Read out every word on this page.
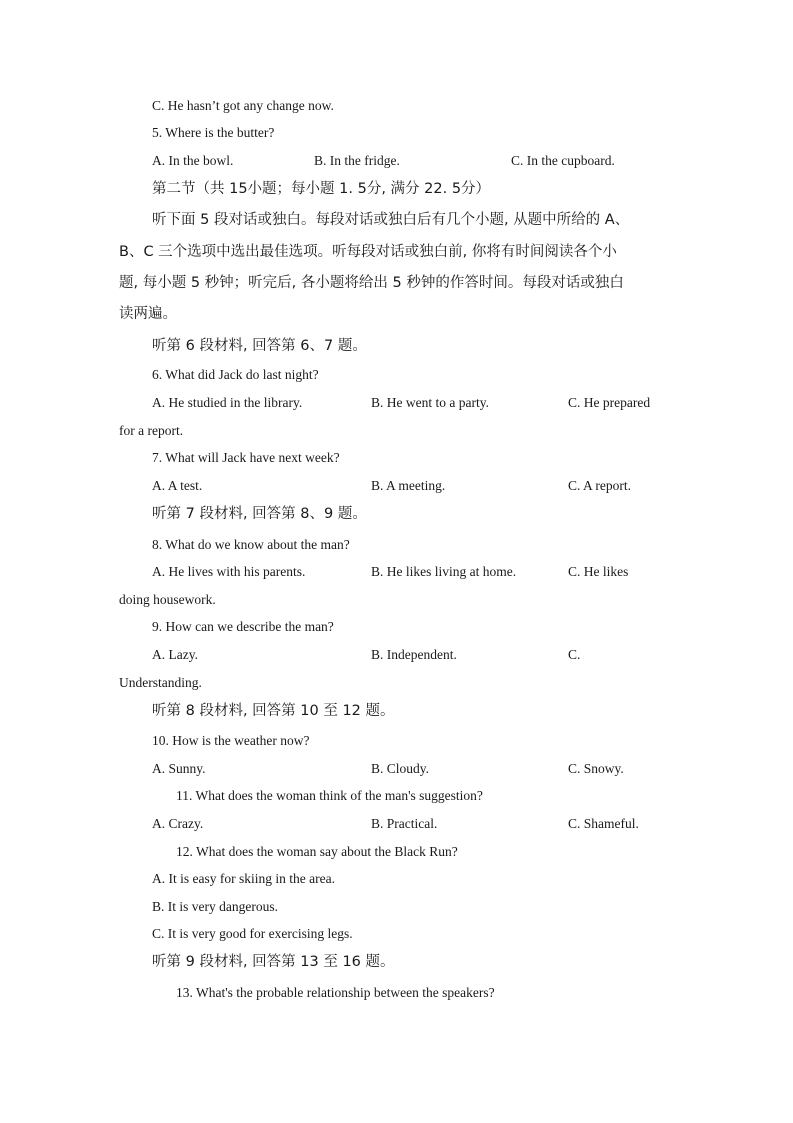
C. He hasn’t got any change now.
5. Where is the butter?
A. In the bowl.	B. In the fridge.	C. In the cupboard.
第二节（共 15小题；每小题 1. 5分, 满分 22. 5分）
听下面 5 段对话或独白。每段对话或独白后有几个小题, 从题中所给的 A、
B、C 三个选项中选出最佳选项。听每段对话或独白前, 你将有时间阅读各个小
题, 每小题 5 秒钟；听完后, 各小题将给出 5 秒钟的作答时间。每段对话或独白
读两遍。
听第 6 段材料, 回答第 6、7 题。
6. What did Jack do last night?
A. He studied in the library.	B. He went to a party.	C. He prepared
for a report.
7. What will Jack have next week?
A. A test.	B. A meeting.	C. A report.
听第 7 段材料, 回答第 8、9 题。
8. What do we know about the man?
A. He lives with his parents.	B. He likes living at home.	C. He likes
doing housework.
9. How can we describe the man?
A. Lazy.	B. Independent.	C.
Understanding.
听第 8 段材料, 回答第 10 至 12 题。
10. How is the weather now?
A. Sunny.	B. Cloudy.	C. Snowy.
11. What does the woman think of the man's suggestion?
A. Crazy.	B. Practical.	C. Shameful.
12. What does the woman say about the Black Run?
A. It is easy for skiing in the area.
B. It is very dangerous.
C. It is very good for exercising legs.
听第 9 段材料, 回答第 13 至 16 题。
13. What's the probable relationship between the speakers?
